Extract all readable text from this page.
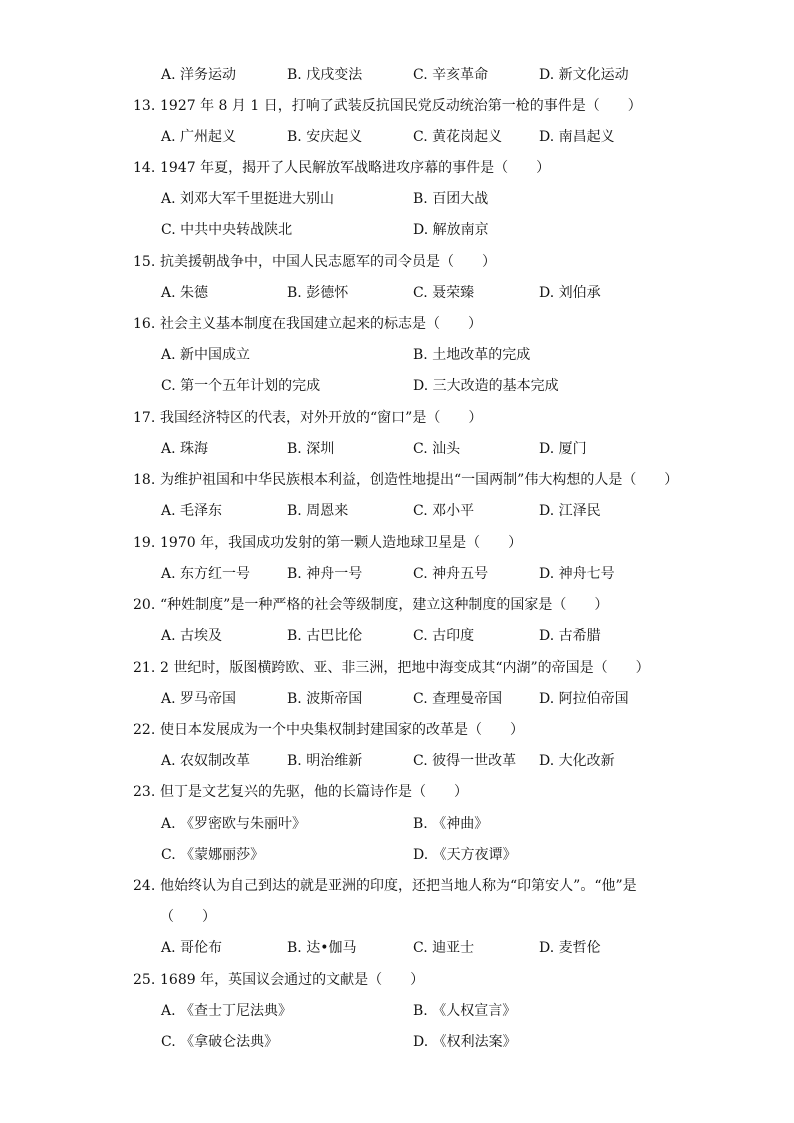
A. 洋务运动	B. 戊戌变法	C. 辛亥革命	D. 新文化运动
13. 1927 年 8 月 1 日，打响了武装反抗国民党反动统治第一枪的事件是（　　）
A. 广州起义	B. 安庆起义	C. 黄花岗起义	D. 南昌起义
14. 1947 年夏，揭开了人民解放军战略进攻序幕的事件是（　　）
A. 刘邓大军千里挺进大别山	B. 百团大战
C. 中共中央转战陕北	D. 解放南京
15. 抗美援朝战争中，中国人民志愿军的司令员是（　　）
A. 朱德	B. 彭德怀	C. 聂荣臻	D. 刘伯承
16. 社会主义基本制度在我国建立起来的标志是（　　）
A. 新中国成立	B. 土地改革的完成
C. 第一个五年计划的完成	D. 三大改造的基本完成
17. 我国经济特区的代表，对外开放的“窗口”是（　　）
A. 珠海	B. 深圳	C. 汕头	D. 厦门
18. 为维护祖国和中华民族根本利益，创造性地提出“一国两制”伟大构想的人是（　　）
A. 毛泽东	B. 周恩来	C. 邓小平	D. 江泽民
19. 1970 年，我国成功发射的第一颗人造地球卫星是（　　）
A. 东方红一号	B. 神舟一号	C. 神舟五号	D. 神舟七号
20. “种姓制度”是一种严格的社会等级制度，建立这种制度的国家是（　　）
A. 古埃及	B. 古巴比伦	C. 古印度	D. 古希腊
21. 2 世纪时，版图横跨欧、亚、非三洲，把地中海变成其“内湖”的帝国是（　　）
A. 罗马帝国	B. 波斯帝国	C. 查理曼帝国	D. 阿拉伯帝国
22. 使日本发展成为一个中央集权制封建国家的改革是（　　）
A. 农奴制改革	B. 明治维新	C. 彼得一世改革 D. 大化改新
23. 但丁是文艺复兴的先驱，他的长篇诗作是（　　）
A. 《罗密欧与朱丽叶》	B. 《神曲》
C. 《蒙娜丽莎》	D. 《天方夜谭》
24. 他始终认为自己到达的就是亚洲的印度，还把当地人称为“印第安人”。“他”是
（　　）
A. 哥伦布	B. 达•伽马	C. 迪亚士	D. 麦哲伦
25. 1689 年，英国议会通过的文献是（　　）
A. 《查士丁尼法典》	B. 《人权宣言》
C. 《拿破仑法典》	D. 《权利法案》
